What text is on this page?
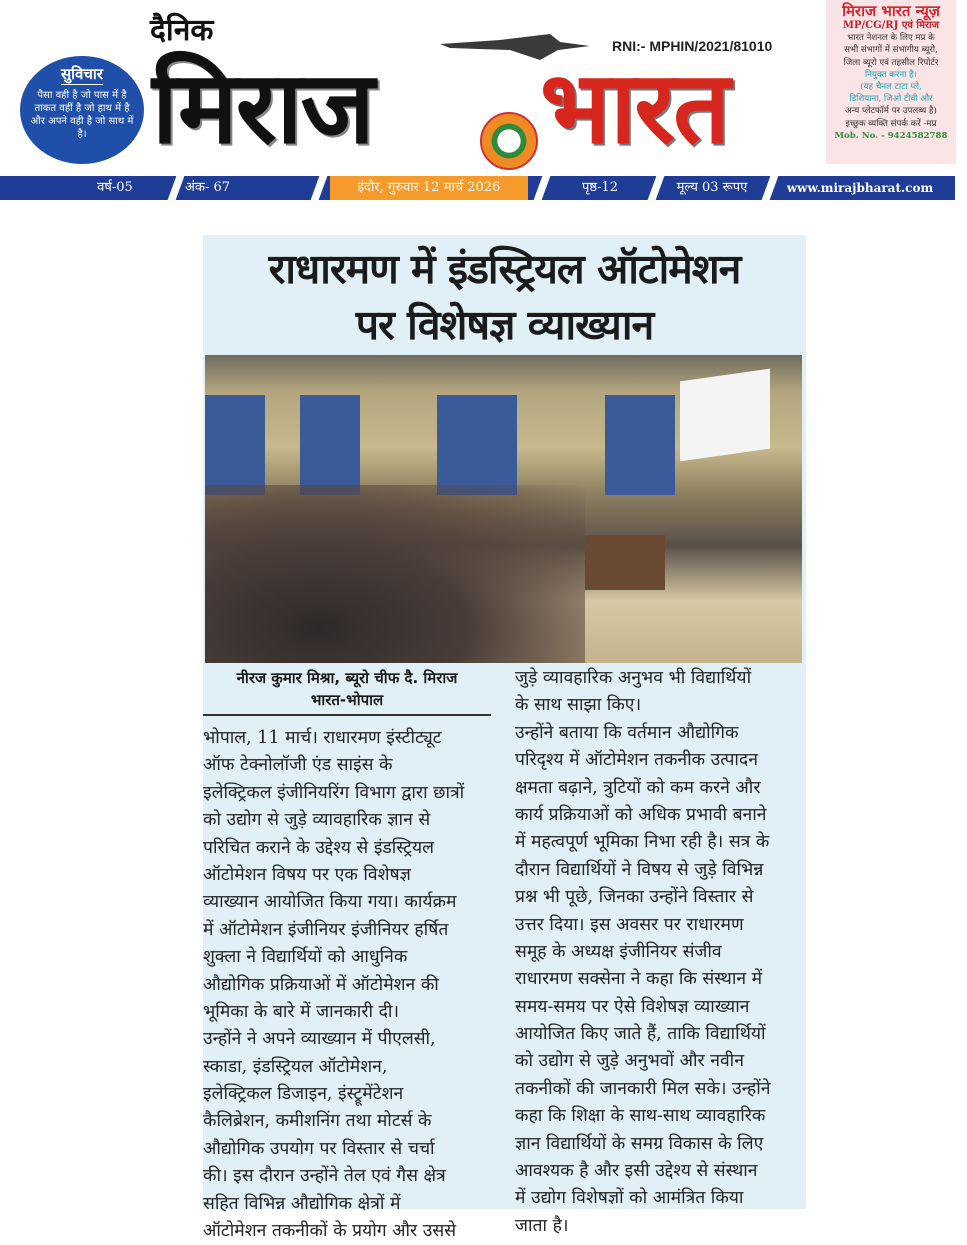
सुविचार
पैसा वही है जो पास में है ताकत वहीं है जो हाथ में है और अपने वही है जो साथ में है।
दैनिक
मिराज भारत
RNI:- MPHIN/2021/81010
मिराज भारत न्यूज़
MP/CG/RJ एवं मिराज
भारत नेशनल के लिए मप्र के
सभी संभागों में संभागीय ब्यूरो,
जिला ब्यूरो एवं तहसील रिपोर्टर
नियुक्त करना है।
(यह चैनल टाटा प्ले,
डिशियाना, जिओ टीवी और
अन्य प्लेटफॉर्म पर उपलब्ध है)
इच्छुक व्यक्ति संपर्क करें -मप्र
Mob. No. - 9424582788
वर्ष-05	अंक- 67	इंदौर, गुरुवार 12 मार्च 2026	पृष्ठ-12	मूल्य 03 रूपए	www.mirajbharat.com
राधारमण में इंडस्ट्रियल ऑटोमेशन
पर विशेषज्ञ व्याख्यान
नीरज कुमार मिश्रा, ब्यूरो चीफ दै. मिराज
भारत-भोपाल
भोपाल, 11 मार्च। राधारमण इंस्टीट्यूट
ऑफ टेक्नोलॉजी एंड साइंस के
इलेक्ट्रिकल इंजीनियरिंग विभाग द्वारा छात्रों
को उद्योग से जुड़े व्यावहारिक ज्ञान से
परिचित कराने के उद्देश्य से इंडस्ट्रियल
ऑटोमेशन विषय पर एक विशेषज्ञ
व्याख्यान आयोजित किया गया। कार्यक्रम
में ऑटोमेशन इंजीनियर इंजीनियर हर्षित
शुक्ला ने विद्यार्थियों को आधुनिक
औद्योगिक प्रक्रियाओं में ऑटोमेशन की
भूमिका के बारे में जानकारी दी।
उन्होंने ने अपने व्याख्यान में पीएलसी,
स्काडा, इंडस्ट्रियल ऑटोमेशन,
इलेक्ट्रिकल डिजाइन, इंस्ट्रूमेंटेशन
कैलिब्रेशन, कमीशनिंग तथा मोटर्स के
औद्योगिक उपयोग पर विस्तार से चर्चा
की। इस दौरान उन्होंने तेल एवं गैस क्षेत्र
सहित विभिन्न औद्योगिक क्षेत्रों में
ऑटोमेशन तकनीकों के प्रयोग और उससे
जुड़े व्यावहारिक अनुभव भी विद्यार्थियों
के साथ साझा किए।
उन्होंने बताया कि वर्तमान औद्योगिक
परिदृश्य में ऑटोमेशन तकनीक उत्पादन
क्षमता बढ़ाने, त्रुटियों को कम करने और
कार्य प्रक्रियाओं को अधिक प्रभावी बनाने
में महत्वपूर्ण भूमिका निभा रही है। सत्र के
दौरान विद्यार्थियों ने विषय से जुड़े विभिन्न
प्रश्न भी पूछे, जिनका उन्होंने विस्तार से
उत्तर दिया। इस अवसर पर राधारमण
समूह के अध्यक्ष इंजीनियर संजीव
राधारमण सक्सेना ने कहा कि संस्थान में
समय-समय पर ऐसे विशेषज्ञ व्याख्यान
आयोजित किए जाते हैं, ताकि विद्यार्थियों
को उद्योग से जुड़े अनुभवों और नवीन
तकनीकों की जानकारी मिल सके। उन्होंने
कहा कि शिक्षा के साथ-साथ व्यावहारिक
ज्ञान विद्यार्थियों के समग्र विकास के लिए
आवश्यक है और इसी उद्देश्य से संस्थान
में उद्योग विशेषज्ञों को आमंत्रित किया
जाता है।
